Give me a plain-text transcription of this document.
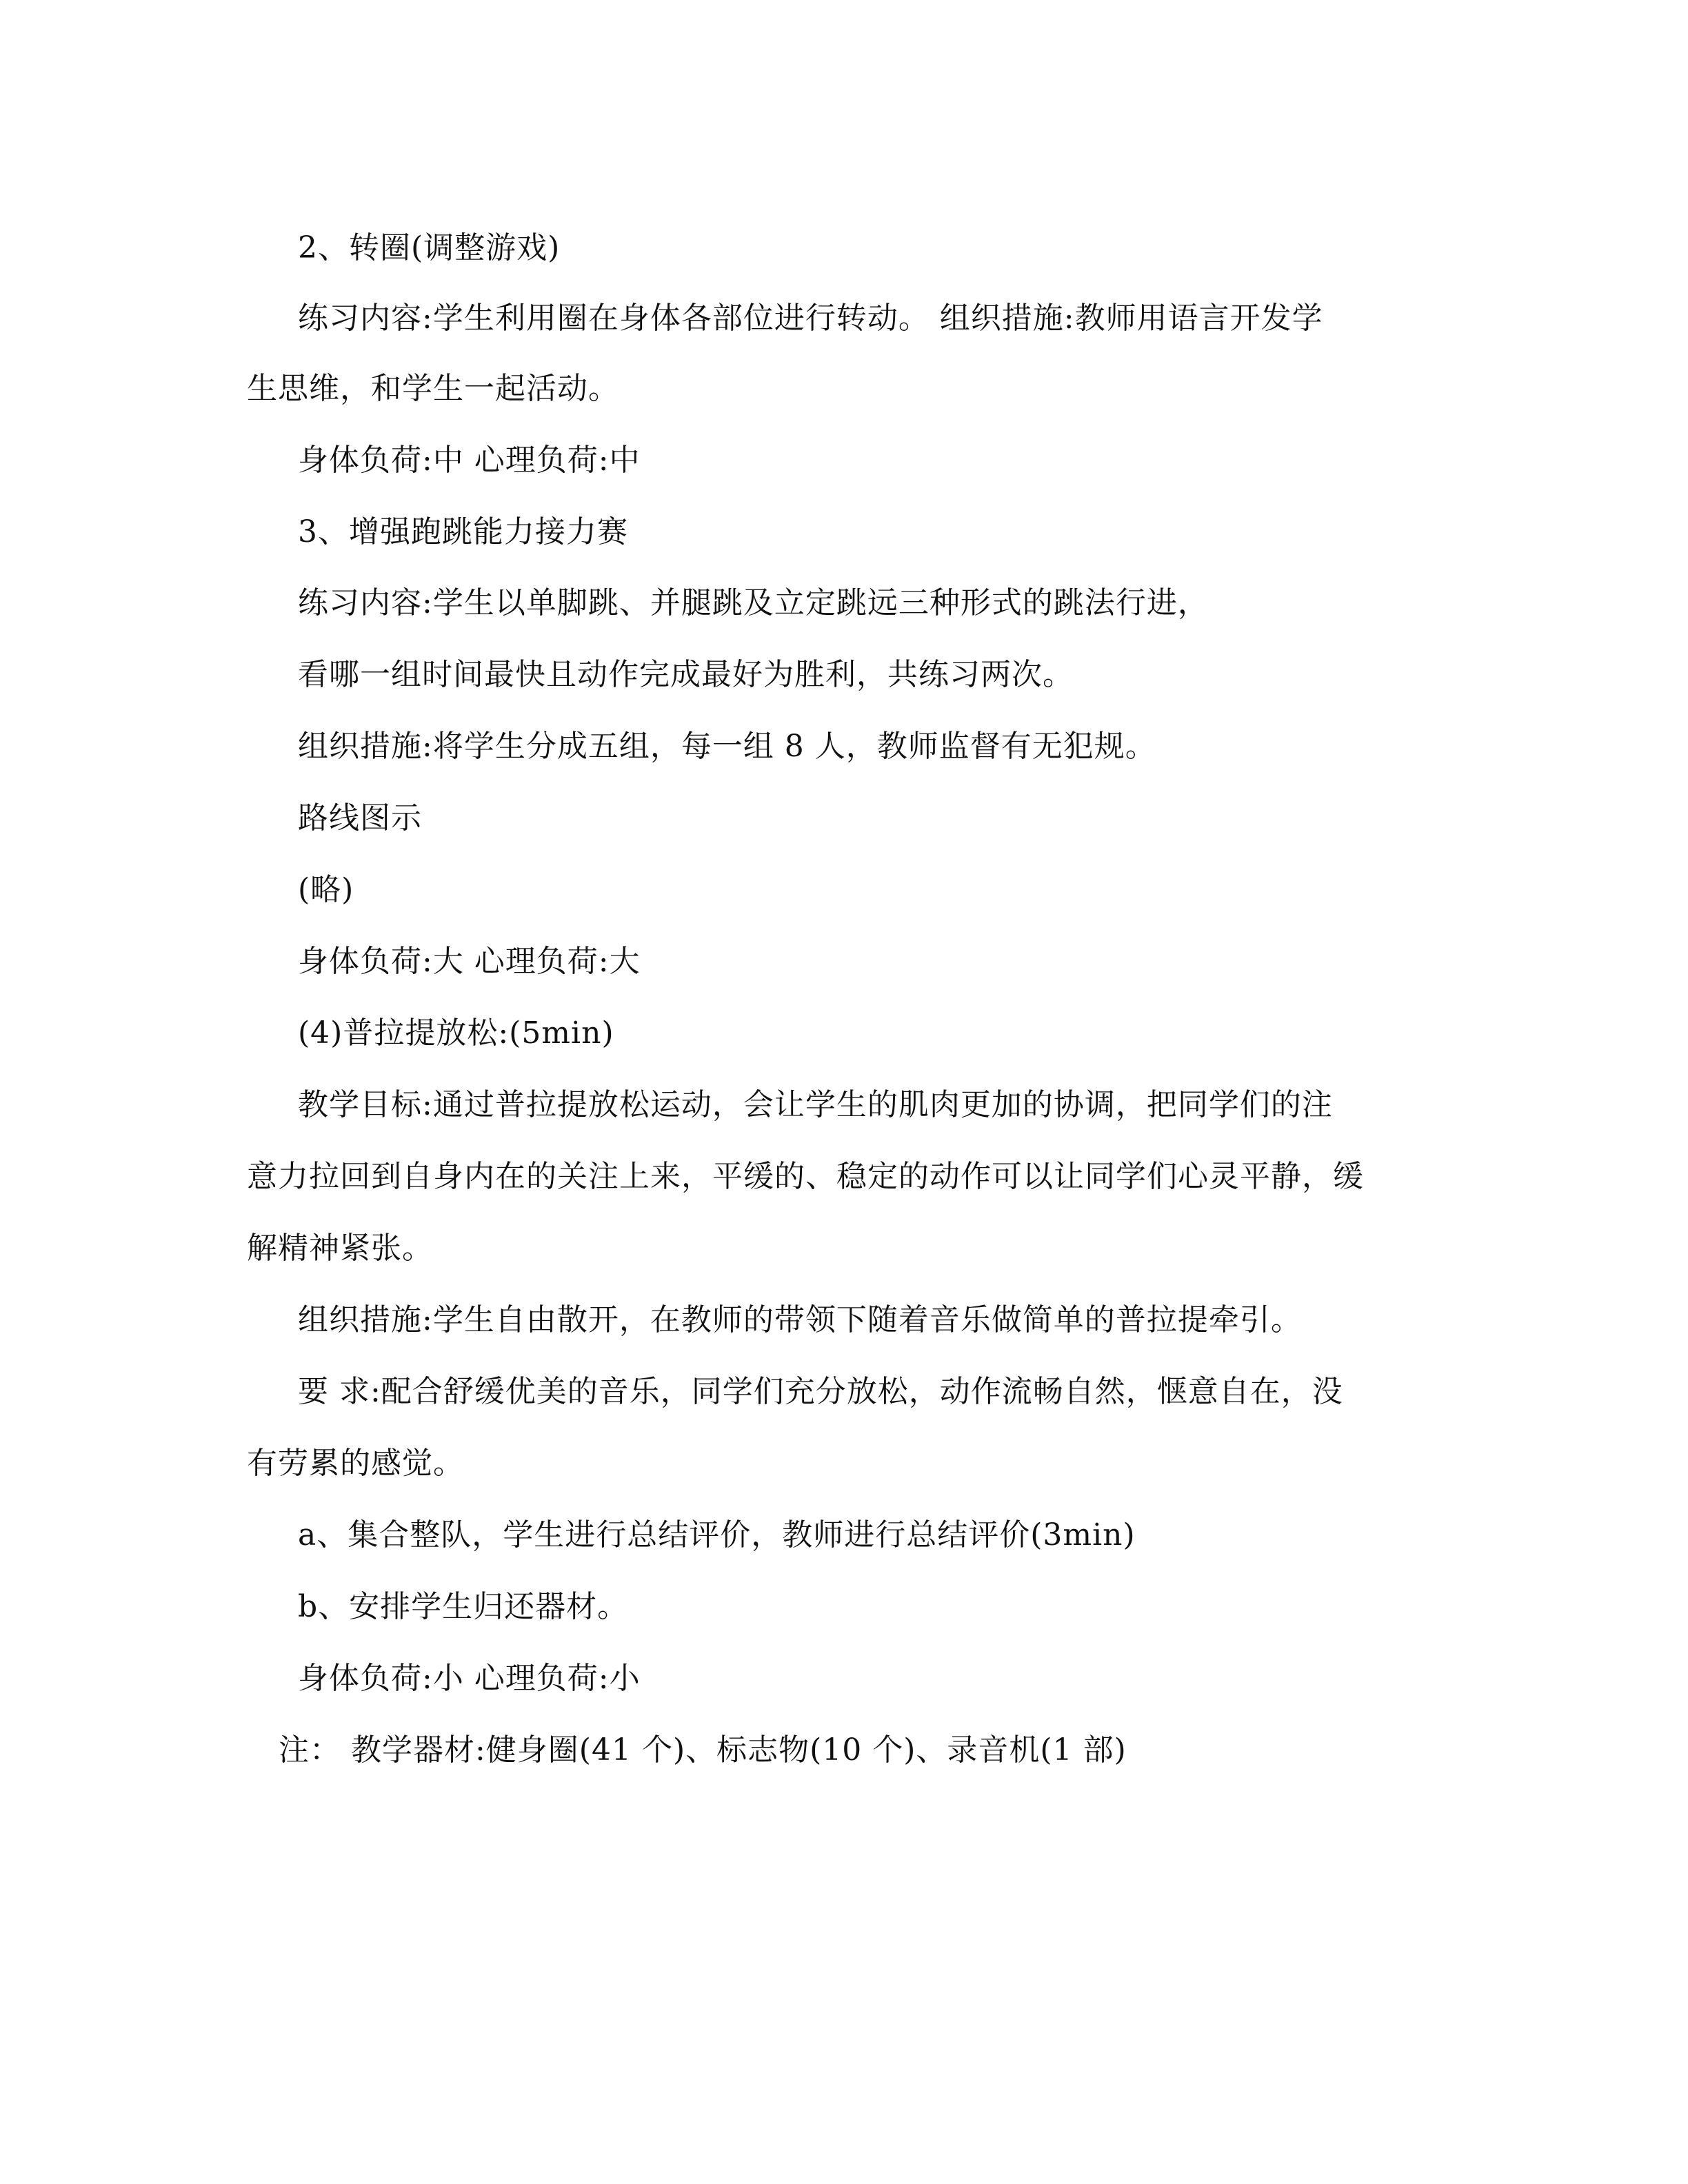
2、转圈(调整游戏)
练习内容:学生利用圈在身体各部位进行转动。 组织措施:教师用语言开发学
生思维，和学生一起活动。
身体负荷:中 心理负荷:中
3、增强跑跳能力接力赛
练习内容:学生以单脚跳、并腿跳及立定跳远三种形式的跳法行进，
看哪一组时间最快且动作完成最好为胜利，共练习两次。
组织措施:将学生分成五组，每一组 8 人，教师监督有无犯规。
路线图示
(略)
身体负荷:大 心理负荷:大
(4)普拉提放松:(5min)
教学目标:通过普拉提放松运动，会让学生的肌肉更加的协调，把同学们的注
意力拉回到自身内在的关注上来，平缓的、稳定的动作可以让同学们心灵平静，缓
解精神紧张。
组织措施:学生自由散开，在教师的带领下随着音乐做简单的普拉提牵引。
要 求:配合舒缓优美的音乐，同学们充分放松，动作流畅自然，惬意自在，没
有劳累的感觉。
a、集合整队，学生进行总结评价，教师进行总结评价(3min)
b、安排学生归还器材。
身体负荷:小 心理负荷:小
注： 教学器材:健身圈(41 个)、标志物(10 个)、录音机(1 部)
